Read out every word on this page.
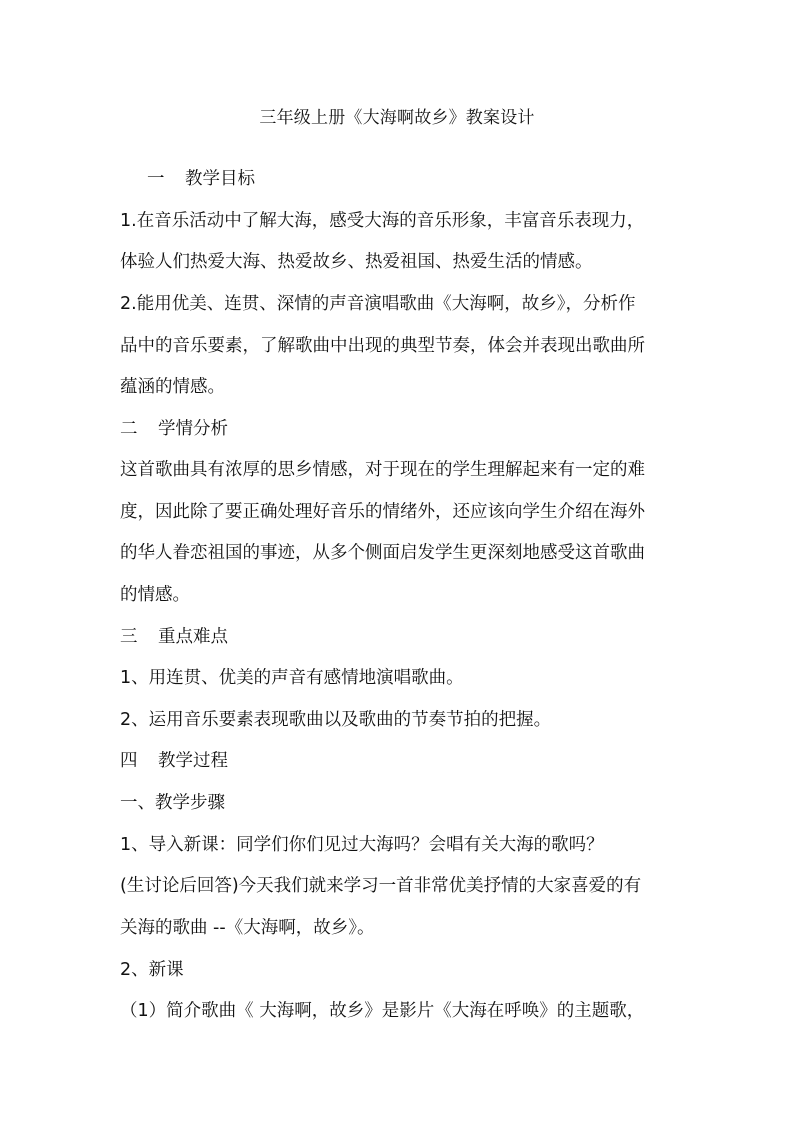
三年级上册《大海啊故乡》教案设计
一 教学目标
1.在音乐活动中了解大海，感受大海的音乐形象，丰富音乐表现力，
体验人们热爱大海、热爱故乡、热爱祖国、热爱生活的情感。
2.能用优美、连贯、深情的声音演唱歌曲《大海啊，故乡》，分析作
品中的音乐要素，了解歌曲中出现的典型节奏，体会并表现出歌曲所
蕴涵的情感。
二 学情分析
这首歌曲具有浓厚的思乡情感，对于现在的学生理解起来有一定的难
度，因此除了要正确处理好音乐的情绪外，还应该向学生介绍在海外
的华人眷恋祖国的事迹，从多个侧面启发学生更深刻地感受这首歌曲
的情感。
三 重点难点
1、用连贯、优美的声音有感情地演唱歌曲。
2、运用音乐要素表现歌曲以及歌曲的节奏节拍的把握。
四 教学过程
一、教学步骤
1、导入新课：同学们你们见过大海吗？会唱有关大海的歌吗？
(生讨论后回答)今天我们就来学习一首非常优美抒情的大家喜爱的有
关海的歌曲 --《大海啊，故乡》。
2、新课
（1）简介歌曲《 大海啊，故乡》是影片《大海在呼唤》的主题歌，
